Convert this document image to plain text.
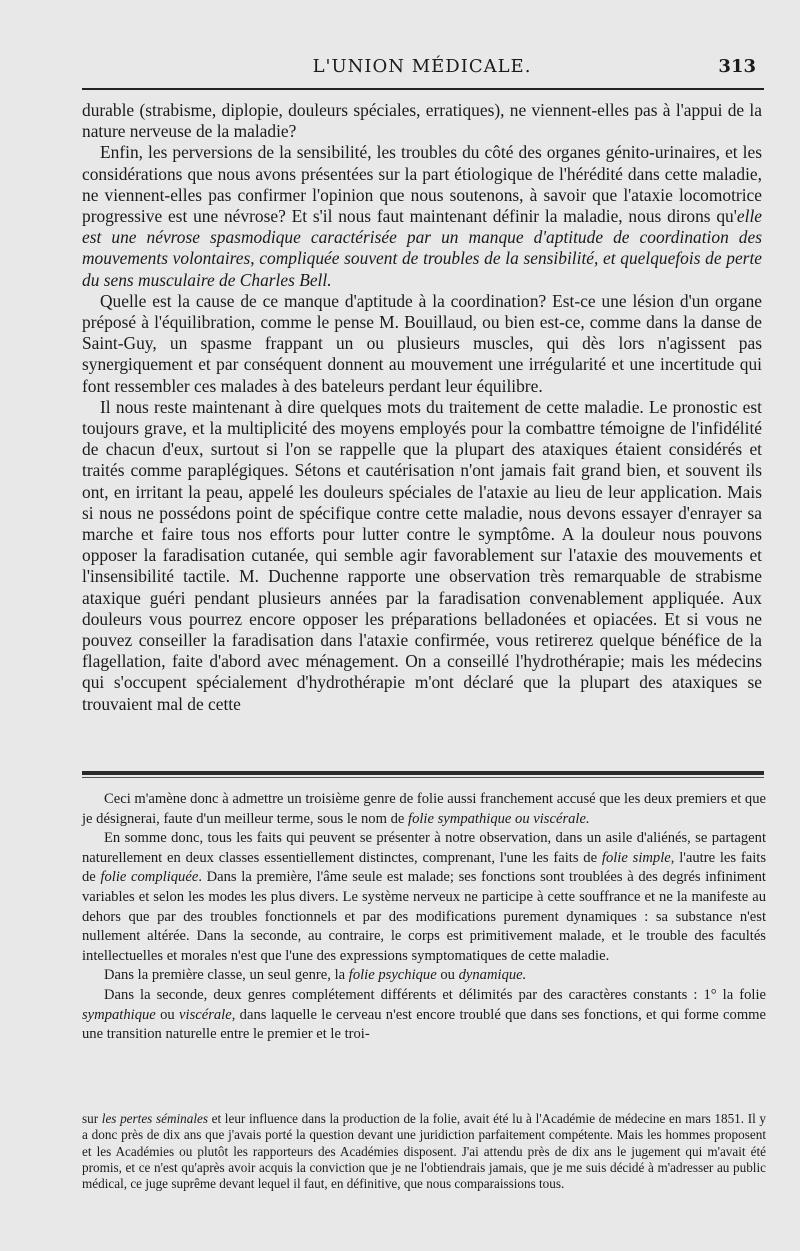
L'UNION MÉDICALE.	313

durable (strabisme, diplopie, douleurs spéciales, erratiques), ne viennent-elles pas à l'appui de la nature nerveuse de la maladie?

Enfin, les perversions de la sensibilité, les troubles du côté des organes génito-urinaires, et les considérations que nous avons présentées sur la part étiologique de l'hérédité dans cette maladie, ne viennent-elles pas confirmer l'opinion que nous soutenons, à savoir que l'ataxie locomotrice progressive est une névrose? Et s'il nous faut maintenant définir la maladie, nous dirons qu'elle est une névrose spasmodique caractérisée par un manque d'aptitude de coordination des mouvements volontaires, compliquée souvent de troubles de la sensibilité, et quelquefois de perte du sens musculaire de Charles Bell.

Quelle est la cause de ce manque d'aptitude à la coordination? Est-ce une lésion d'un organe préposé à l'équilibration, comme le pense M. Bouillaud, ou bien est-ce, comme dans la danse de Saint-Guy, un spasme frappant un ou plusieurs muscles, qui dès lors n'agissent pas synergiquement et par conséquent donnent au mouvement une irrégularité et une incertitude qui font ressembler ces malades à des bateleurs perdant leur équilibre.

Il nous reste maintenant à dire quelques mots du traitement de cette maladie. Le pronostic est toujours grave, et la multiplicité des moyens employés pour la combattre témoigne de l'infidélité de chacun d'eux, surtout si l'on se rappelle que la plupart des ataxiques étaient considérés et traités comme paraplégiques. Sétons et cautérisation n'ont jamais fait grand bien, et souvent ils ont, en irritant la peau, appelé les douleurs spéciales de l'ataxie au lieu de leur application. Mais si nous ne possédons point de spécifique contre cette maladie, nous devons essayer d'enrayer sa marche et faire tous nos efforts pour lutter contre le symptôme. A la douleur nous pouvons opposer la faradisation cutanée, qui semble agir favorablement sur l'ataxie des mouvements et l'insensibilité tactile. M. Duchenne rapporte une observation très remarquable de strabisme ataxique guéri pendant plusieurs années par la faradisation convenablement appliquée. Aux douleurs vous pourrez encore opposer les préparations belladonées et opiacées. Et si vous ne pouvez conseiller la faradisation dans l'ataxie confirmée, vous retirerez quelque bénéfice de la flagellation, faite d'abord avec ménagement. On a conseillé l'hydrothérapie; mais les médecins qui s'occupent spécialement d'hydrothérapie m'ont déclaré que la plupart des ataxiques se trouvaient mal de cette

Ceci m'amène donc à admettre un troisième genre de folie aussi franchement accusé que les deux premiers et que je désignerai, faute d'un meilleur terme, sous le nom de folie sympathique ou viscérale.

En somme donc, tous les faits qui peuvent se présenter à notre observation, dans un asile d'aliénés, se partagent naturellement en deux classes essentiellement distinctes, comprenant, l'une les faits de folie simple, l'autre les faits de folie compliquée. Dans la première, l'âme seule est malade; ses fonctions sont troublées à des degrés infiniment variables et selon les modes les plus divers. Le système nerveux ne participe à cette souffrance et ne la manifeste au dehors que par des troubles fonctionnels et par des modifications purement dynamiques : sa substance n'est nullement altérée. Dans la seconde, au contraire, le corps est primitivement malade, et le trouble des facultés intellectuelles et morales n'est que l'une des expressions symptomatiques de cette maladie.

Dans la première classe, un seul genre, la folie psychique ou dynamique.

Dans la seconde, deux genres complétement différents et délimités par des caractères constants : 1° la folie sympathique ou viscérale, dans laquelle le cerveau n'est encore troublé que dans ses fonctions, et qui forme comme une transition naturelle entre le premier et le troi-

sur les pertes séminales et leur influence dans la production de la folie, avait été lu à l'Académie de médecine en mars 1851. Il y a donc près de dix ans que j'avais porté la question devant une juridiction parfaitement compétente. Mais les hommes proposent et les Académies ou plutôt les rapporteurs des Académies disposent. J'ai attendu près de dix ans le jugement qui m'avait été promis, et ce n'est qu'après avoir acquis la conviction que je ne l'obtiendrais jamais, que je me suis décidé à m'adresser au public médical, ce juge suprême devant lequel il faut, en définitive, que nous comparaissions tous.
